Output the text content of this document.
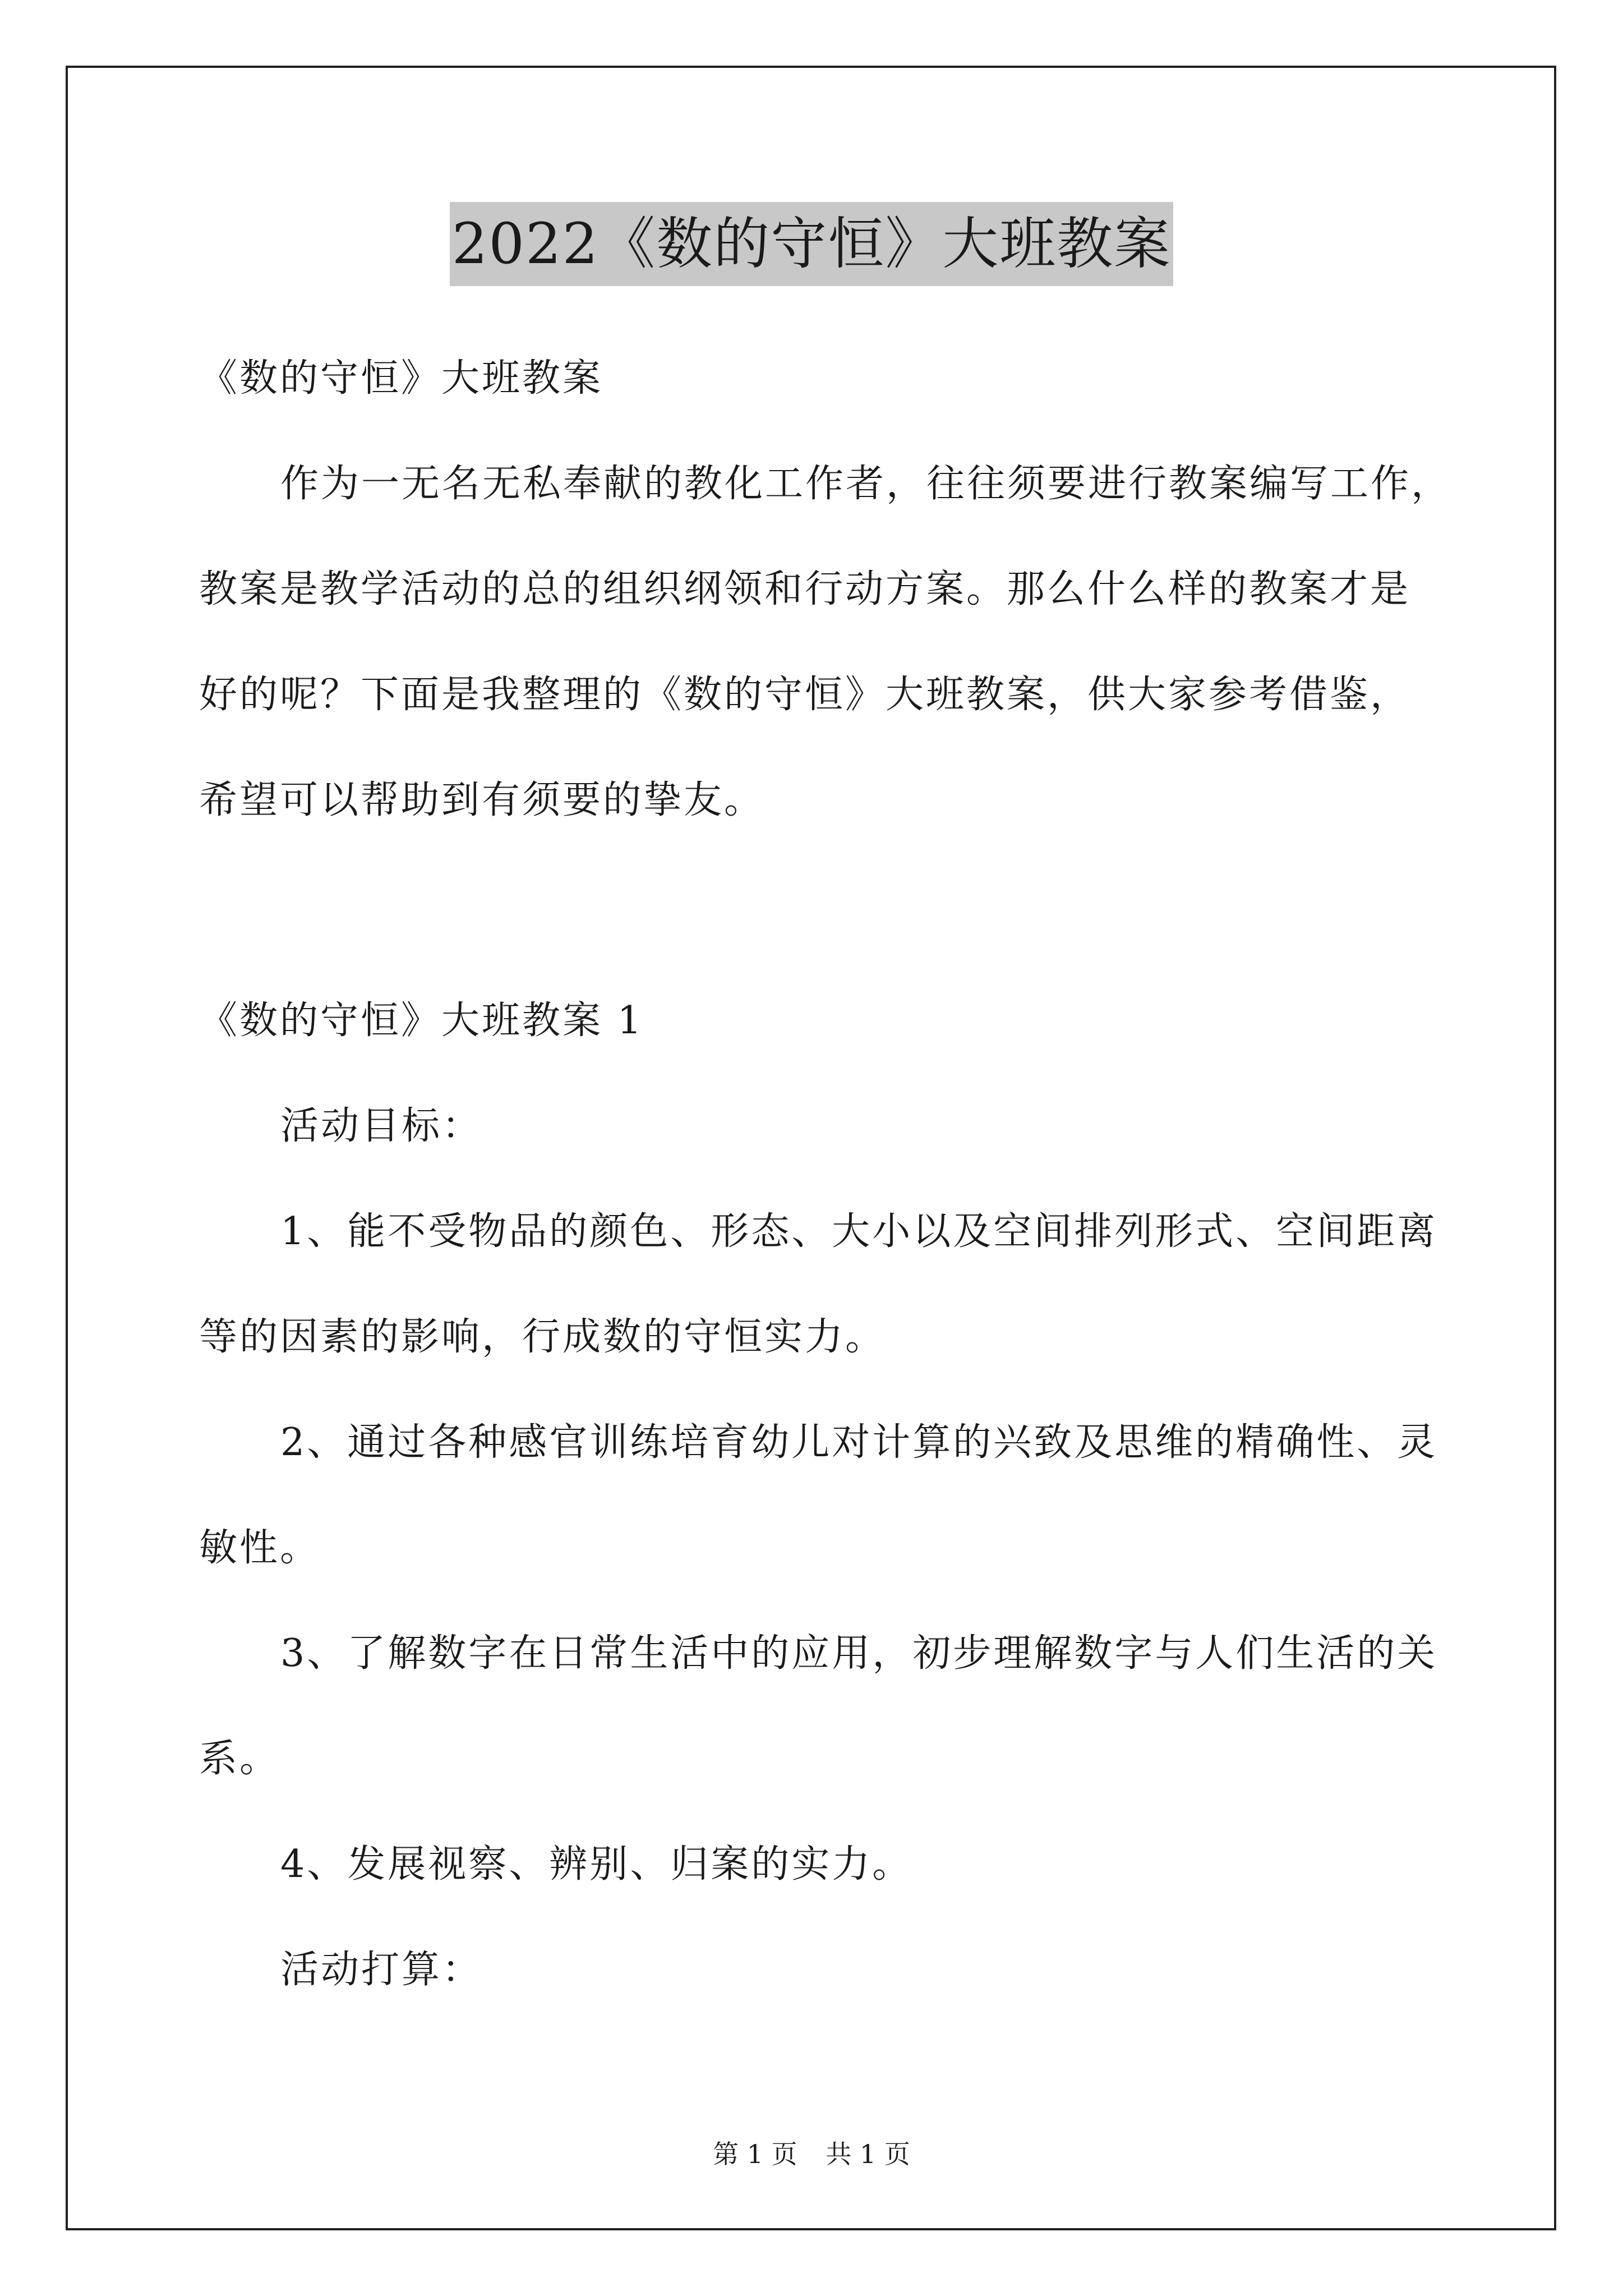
2022《数的守恒》大班教案
《数的守恒》大班教案
作为一无名无私奉献的教化工作者，往往须要进行教案编写工作，
教案是教学活动的总的组织纲领和行动方案。那么什么样的教案才是
好的呢？下面是我整理的《数的守恒》大班教案，供大家参考借鉴，
希望可以帮助到有须要的挚友。
《数的守恒》大班教案 1
活动目标：
1、能不受物品的颜色、形态、大小以及空间排列形式、空间距离
等的因素的影响，行成数的守恒实力。
2、通过各种感官训练培育幼儿对计算的兴致及思维的精确性、灵
敏性。
3、了解数字在日常生活中的应用，初步理解数字与人们生活的关
系。
4、发展视察、辨别、归案的实力。
活动打算：
第 1 页 共 1 页
